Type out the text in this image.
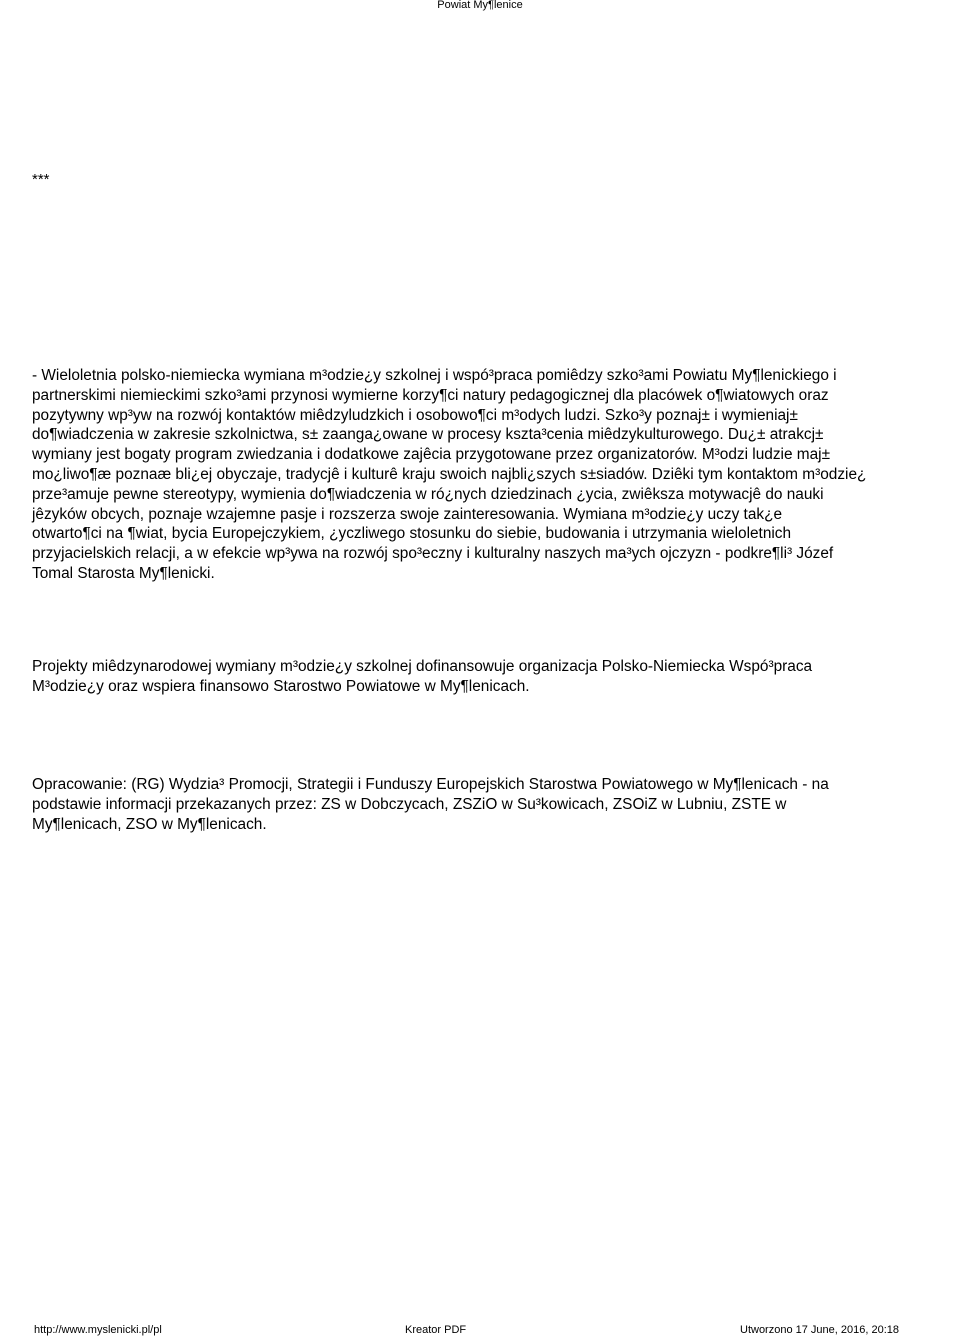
Powiat My¶lenice

***

- Wieloletnia polsko-niemiecka wymiana m³odzie¿y szkolnej i wspó³praca pomiêdzy szko³ami Powiatu My¶lenickiego i
partnerskimi niemieckimi szko³ami przynosi wymierne korzy¶ci natury pedagogicznej dla placówek o¶wiatowych oraz
pozytywny wp³yw na rozwój kontaktów miêdzyludzkich i osobowo¶ci m³odych ludzi. Szko³y poznaj± i wymieniaj±
do¶wiadczenia w zakresie szkolnictwa, s± zaanga¿owane w procesy kszta³cenia miêdzykulturowego. Du¿± atrakcj±
wymiany jest bogaty program zwiedzania i dodatkowe zajêcia przygotowane przez organizatorów. M³odzi ludzie maj±
mo¿liwo¶æ poznaæ bli¿ej obyczaje, tradycjê i kulturê kraju swoich najbli¿szych s±siadów. Dziêki tym kontaktom m³odzie¿
prze³amuje pewne stereotypy, wymienia do¶wiadczenia w ró¿nych dziedzinach ¿ycia, zwiêksza motywacjê do nauki
jêzyków obcych, poznaje wzajemne pasje i rozszerza swoje zainteresowania. Wymiana m³odzie¿y uczy tak¿e
otwarto¶ci na ¶wiat, bycia Europejczykiem, ¿yczliwego stosunku do siebie, budowania i utrzymania wieloletnich
przyjacielskich relacji, a w efekcie wp³ywa na rozwój spo³eczny i kulturalny naszych ma³ych ojczyzn - podkre¶li³ Józef
Tomal Starosta My¶lenicki.

Projekty miêdzynarodowej wymiany m³odzie¿y szkolnej dofinansowuje organizacja Polsko-Niemiecka Wspó³praca
M³odzie¿y oraz wspiera finansowo Starostwo Powiatowe w My¶lenicach.

Opracowanie: (RG) Wydzia³ Promocji, Strategii i Funduszy Europejskich Starostwa Powiatowego w My¶lenicach - na
podstawie informacji przekazanych przez: ZS w Dobczycach, ZSZiO w Su³kowicach, ZSOiZ w Lubniu, ZSTE w
My¶lenicach, ZSO w My¶lenicach.

http://www.myslenicki.pl/pl	Kreator PDF	Utworzono 17 June, 2016, 20:18
